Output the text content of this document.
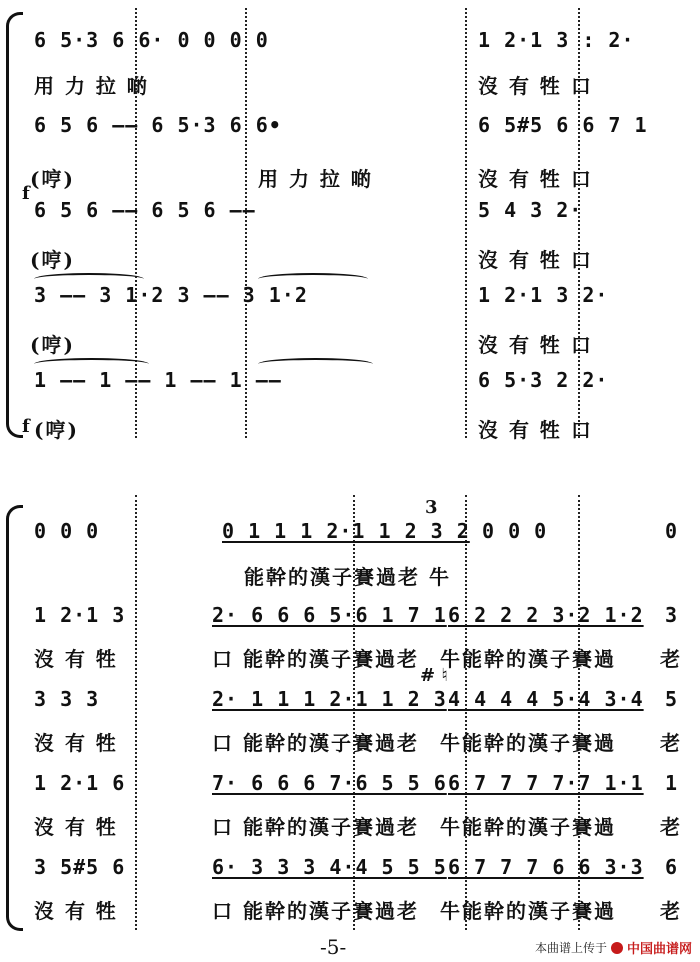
f
6 5·3 6 6· 0 0 0 0	1 2·1 3 : 2·
用 力 拉 啲	沒 有 牲 口
6 5 6 —— 6 5·3 6 6•	6 5#5 6 6 7 1
(哼)	用 力 拉 啲	沒 有 牲 口
6 5 6 —— 6 5 6 ——	5 4 3 2·
(哼)	沒 有 牲 口
3 —— 3 1·2 3 —— 3 1·2	1 2·1 3 2·
(哼)	沒 有 牲 口
1 —— 1 —— 1 —— 1 ——	6 5·3 2 2·
f (哼)	沒 有 牲 口
0 0 0	0 1 1 1 2·1 1 2 3 2 0 0 0	0
3
能幹的漢子賽過老 牛
1 2·1 3	2· 6 6 6 5·6 1 7 1 6 2 2 2 3·2 1·2 3
沒 有 牲	口 能幹的漢子賽過老 牛能幹的漢子賽過 老
3 3 3	2· 1 1 1 2·1 1 2 3 4 4 4 4 5·4 3·4 5
# ♮
沒 有 牲	口 能幹的漢子賽過老 牛能幹的漢子賽過 老
1 2·1 6	7· 6 6 6 7·6 5 5 6 6 7 7 7 7·7 1·1 1
沒 有 牲	口 能幹的漢子賽過老 牛能幹的漢子賽過 老
3 5#5 6	6· 3 3 3 4·4 5 5 5 6 7 7 7 6 6 3·3 6
沒 有 牲	口 能幹的漢子賽過老 牛能幹的漢子賽過 老
-5-	本曲谱上传于 中国曲谱网
